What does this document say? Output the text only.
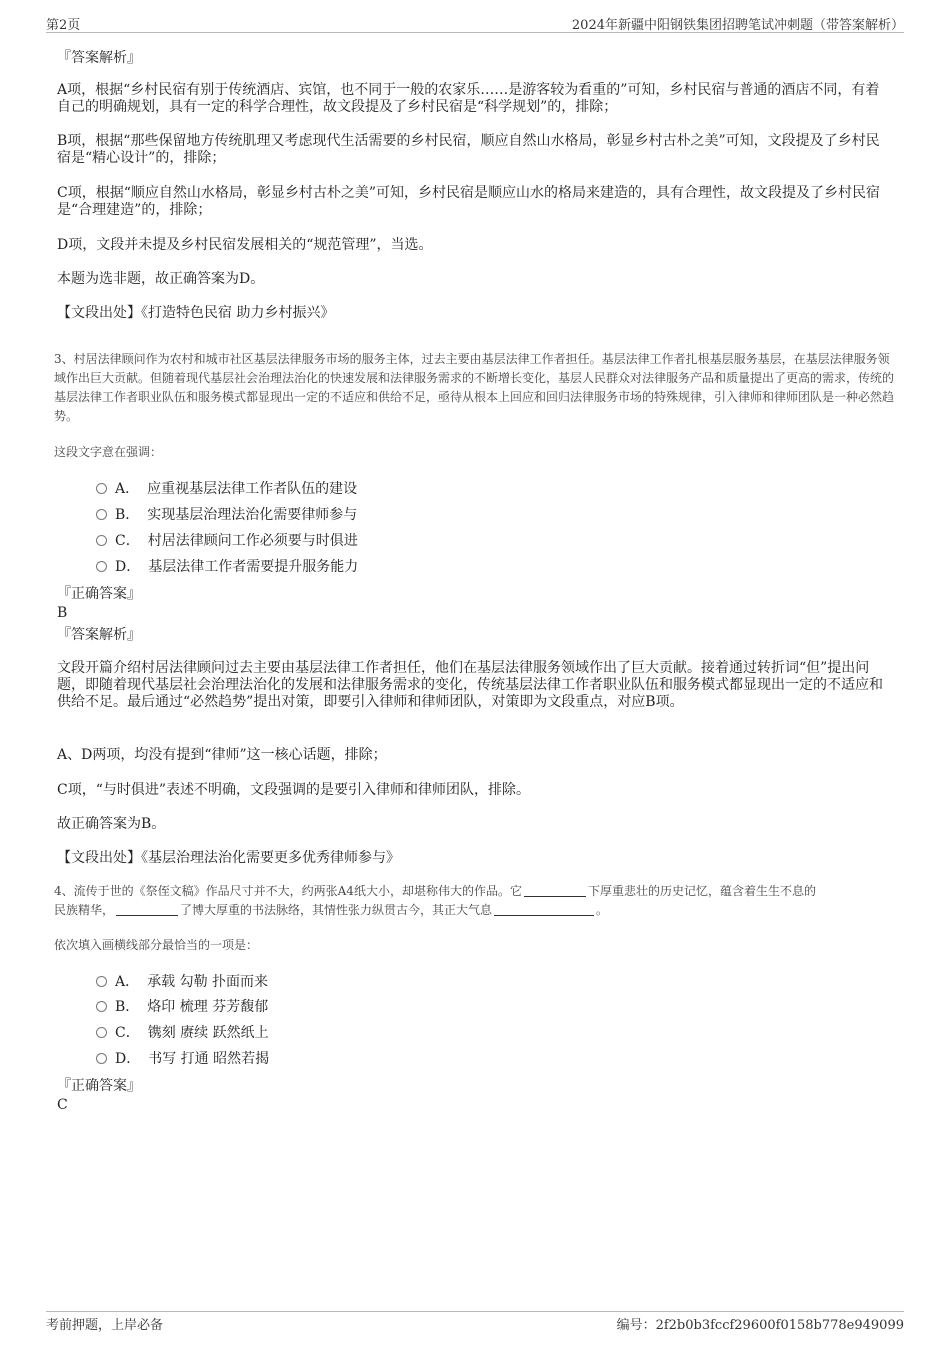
第2页	2024年新疆中阳钢铁集团招聘笔试冲刺题（带答案解析）
『答案解析』
A项，根据“乡村民宿有别于传统酒店、宾馆，也不同于一般的农家乐……是游客较为看重的”可知，乡村民宿与普通的酒店不同，有着自己的明确规划，具有一定的科学合理性，故文段提及了乡村民宿是“科学规划”的，排除；
B项，根据“那些保留地方传统肌理又考虑现代生活需要的乡村民宿，顺应自然山水格局，彰显乡村古朴之美”可知，文段提及了乡村民宿是“精心设计”的，排除；
C项，根据“顺应自然山水格局，彰显乡村古朴之美”可知，乡村民宿是顺应山水的格局来建造的，具有合理性，故文段提及了乡村民宿是“合理建造”的，排除；
D项，文段并未提及乡村民宿发展相关的“规范管理”，当选。
本题为选非题，故正确答案为D。
【文段出处】《打造特色民宿 助力乡村振兴》
3、村居法律顾问作为农村和城市社区基层法律服务市场的服务主体，过去主要由基层法律工作者担任。基层法律工作者扎根基层服务基层，在基层法律服务领域作出巨大贡献。但随着现代基层社会治理法治化的快速发展和法律服务需求的不断增长变化，基层人民群众对法律服务产品和质量提出了更高的需求，传统的基层法律工作者职业队伍和服务模式都显现出一定的不适应和供给不足，亟待从根本上回应和回归法律服务市场的特殊规律，引入律师和律师团队是一种必然趋势。
这段文字意在强调：
A． 应重视基层法律工作者队伍的建设
B． 实现基层治理法治化需要律师参与
C． 村居法律顾问工作必须要与时俱进
D． 基层法律工作者需要提升服务能力
『正确答案』
B
『答案解析』
文段开篇介绍村居法律顾问过去主要由基层法律工作者担任，他们在基层法律服务领域作出了巨大贡献。接着通过转折词“但”提出问题，即随着现代基层社会治理法治化的发展和法律服务需求的变化，传统基层法律工作者职业队伍和服务模式都显现出一定的不适应和供给不足。最后通过“必然趋势”提出对策，即要引入律师和律师团队，对策即为文段重点，对应B项。
A、D两项，均没有提到“律师”这一核心话题，排除；
C项，“与时俱进”表述不明确，文段强调的是要引入律师和律师团队，排除。
故正确答案为B。
【文段出处】《基层治理法治化需要更多优秀律师参与》
4、流传于世的《祭侄文稿》作品尺寸并不大，约两张A4纸大小，却堪称伟大的作品。它	下厚重悲壮的历史记忆，蕴含着生生不息的
民族精华，	了博大厚重的书法脉络，其情性张力纵贯古今，其正大气息	。
依次填入画横线部分最恰当的一项是：
A． 承载 勾勒 扑面而来
B． 烙印 梳理 芬芳馥郁
C． 镌刻 赓续 跃然纸上
D． 书写 打通 昭然若揭
『正确答案』
C
考前押题，上岸必备	编号：2f2b0b3fccf29600f0158b778e949099
